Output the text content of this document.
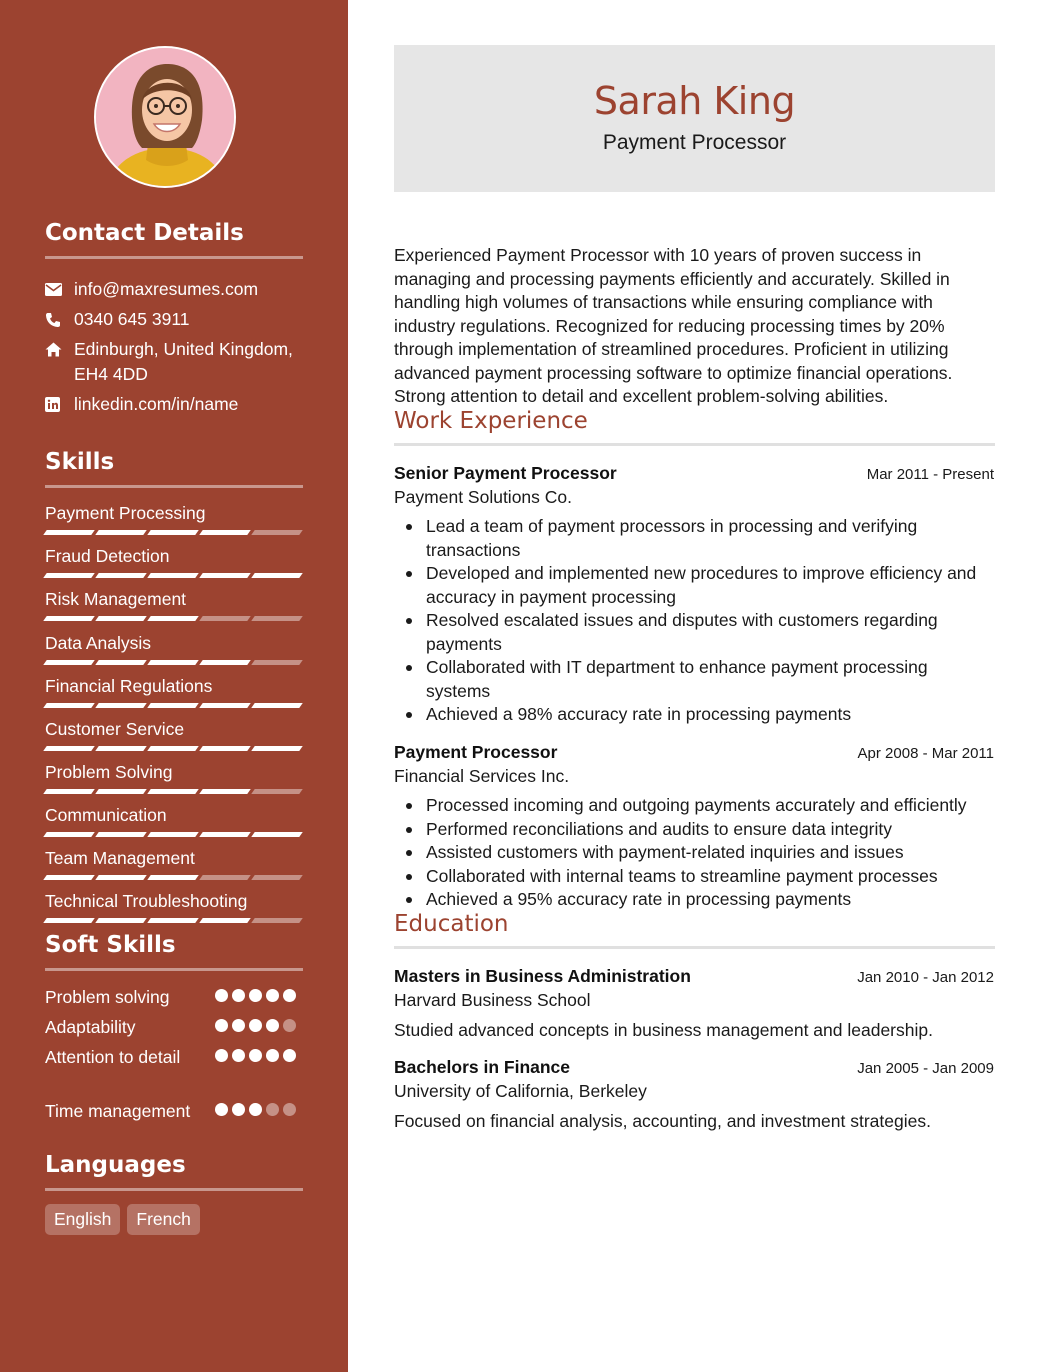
Contact Details
info@maxresumes.com
0340 645 3911
Edinburgh, United Kingdom, EH4 4DD
linkedin.com/in/name
Skills
Payment Processing
Fraud Detection
Risk Management
Data Analysis
Financial Regulations
Customer Service
Problem Solving
Communication
Team Management
Technical Troubleshooting
Soft Skills
Problem solving
Adaptability
Attention to detail
Time management
Languages
English	French
Sarah King
Payment Processor

Experienced Payment Processor with 10 years of proven success in managing and processing payments efficiently and accurately. Skilled in handling high volumes of transactions while ensuring compliance with industry regulations. Recognized for reducing processing times by 20% through implementation of streamlined procedures. Proficient in utilizing advanced payment processing software to optimize financial operations. Strong attention to detail and excellent problem-solving abilities.

Work Experience
Senior Payment Processor	Mar 2011 - Present
Payment Solutions Co.
Lead a team of payment processors in processing and verifying transactions
Developed and implemented new procedures to improve efficiency and accuracy in payment processing
Resolved escalated issues and disputes with customers regarding payments
Collaborated with IT department to enhance payment processing systems
Achieved a 98% accuracy rate in processing payments
Payment Processor	Apr 2008 - Mar 2011
Financial Services Inc.
Processed incoming and outgoing payments accurately and efficiently
Performed reconciliations and audits to ensure data integrity
Assisted customers with payment-related inquiries and issues
Collaborated with internal teams to streamline payment processes
Achieved a 95% accuracy rate in processing payments
Education
Masters in Business Administration	Jan 2010 - Jan 2012
Harvard Business School
Studied advanced concepts in business management and leadership.
Bachelors in Finance	Jan 2005 - Jan 2009
University of California, Berkeley
Focused on financial analysis, accounting, and investment strategies.
